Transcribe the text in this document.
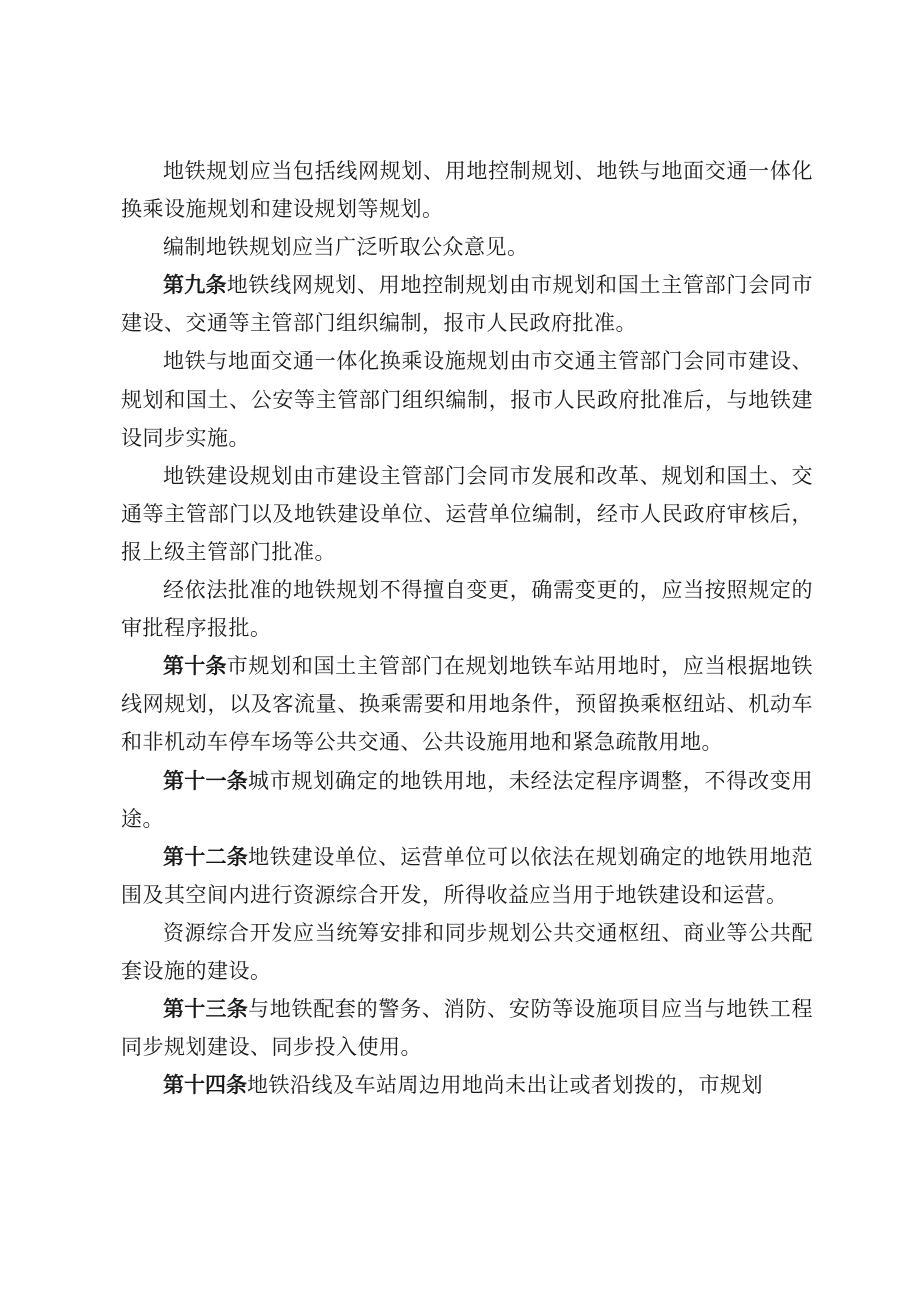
地铁规划应当包括线网规划、用地控制规划、地铁与地面交通一体化换乘设施规划和建设规划等规划。

编制地铁规划应当广泛听取公众意见。

第九条地铁线网规划、用地控制规划由市规划和国土主管部门会同市建设、交通等主管部门组织编制，报市人民政府批准。

地铁与地面交通一体化换乘设施规划由市交通主管部门会同市建设、规划和国土、公安等主管部门组织编制，报市人民政府批准后，与地铁建设同步实施。

地铁建设规划由市建设主管部门会同市发展和改革、规划和国土、交通等主管部门以及地铁建设单位、运营单位编制，经市人民政府审核后，报上级主管部门批准。

经依法批准的地铁规划不得擅自变更，确需变更的，应当按照规定的审批程序报批。

第十条市规划和国土主管部门在规划地铁车站用地时，应当根据地铁线网规划，以及客流量、换乘需要和用地条件，预留换乘枢纽站、机动车和非机动车停车场等公共交通、公共设施用地和紧急疏散用地。

第十一条城市规划确定的地铁用地，未经法定程序调整，不得改变用途。

第十二条地铁建设单位、运营单位可以依法在规划确定的地铁用地范围及其空间内进行资源综合开发，所得收益应当用于地铁建设和运营。

资源综合开发应当统筹安排和同步规划公共交通枢纽、商业等公共配套设施的建设。

第十三条与地铁配套的警务、消防、安防等设施项目应当与地铁工程同步规划建设、同步投入使用。

第十四条地铁沿线及车站周边用地尚未出让或者划拨的，市规划
